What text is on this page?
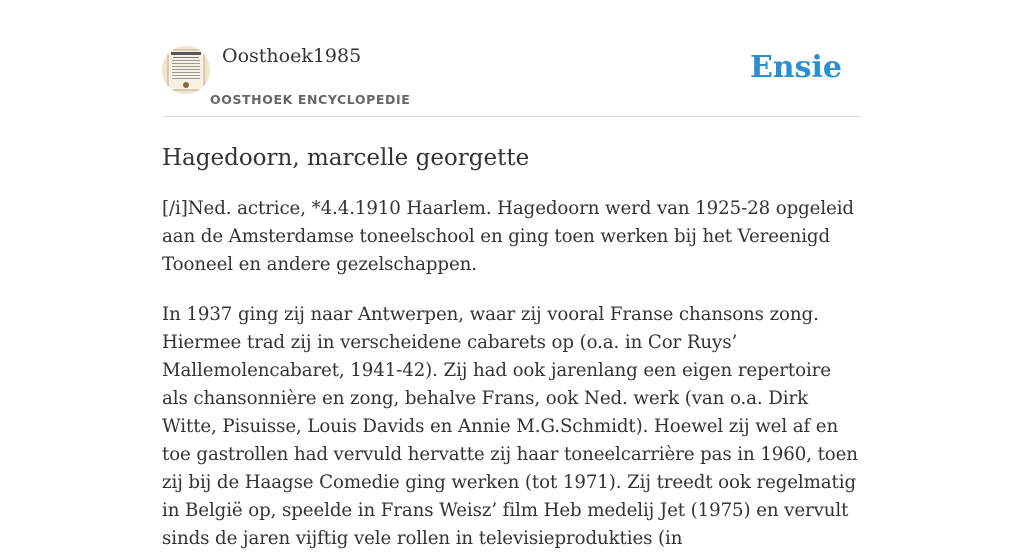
Oosthoek1985
OOSTHOEK ENCYCLOPEDIE
Ensie
Hagedoorn, marcelle georgette

[/i]Ned. actrice, *4.4.1910 Haarlem. Hagedoorn werd van 1925-28 opgeleid aan de Amsterdamse toneelschool en ging toen werken bij het Vereenigd Tooneel en andere gezelschappen.

In 1937 ging zij naar Antwerpen, waar zij vooral Franse chansons zong. Hiermee trad zij in verscheidene cabarets op (o.a. in Cor Ruys’ Mallemolencabaret, 1941-42). Zij had ook jarenlang een eigen repertoire als chansonnière en zong, behalve Frans, ook Ned. werk (van o.a. Dirk Witte, Pisuisse, Louis Davids en Annie M.G.Schmidt). Hoewel zij wel af en toe gastrollen had vervuld hervatte zij haar toneelcarrière pas in 1960, toen zij bij de Haagse Comedie ging werken (tot 1971). Zij treedt ook regelmatig in België op, speelde in Frans Weisz’ film Heb medelij Jet (1975) en vervult sinds de jaren vijftig vele rollen in televisieprodukties (in
